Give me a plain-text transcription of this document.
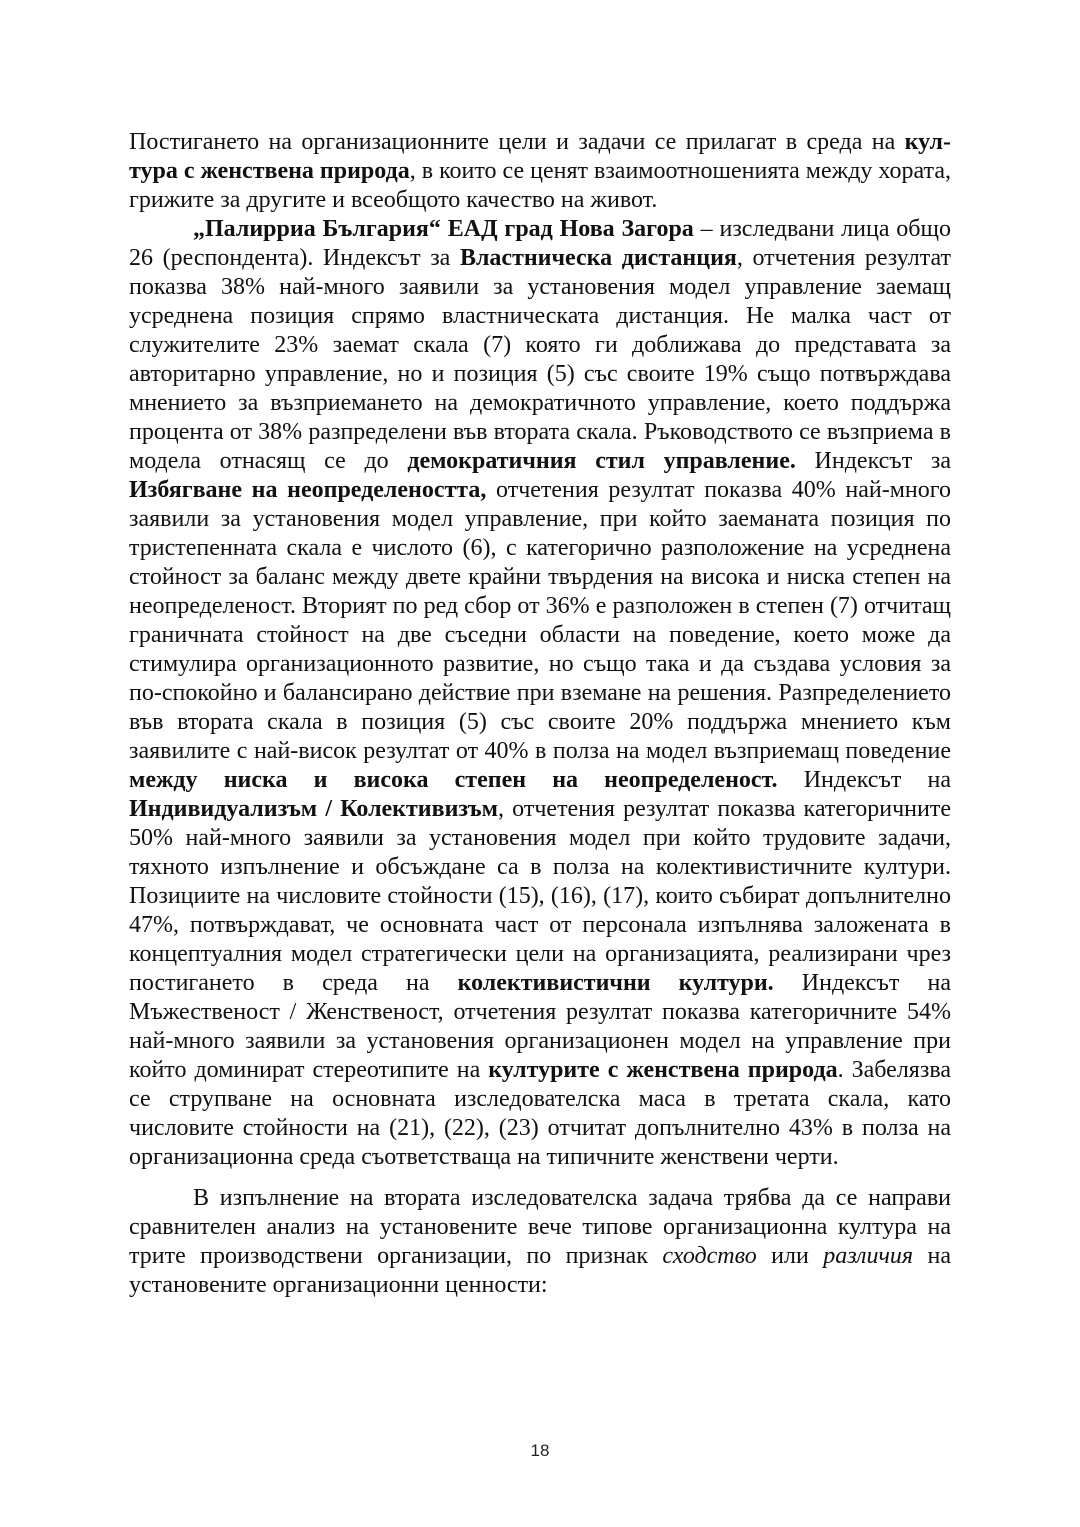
Постигането на организационните цели и задачи се прилагат в среда на култура с женствена природа, в които се ценят взаимоотношенията между хората, грижите за другите и всеобщото качество на живот.

„Палирриа България“ ЕАД град Нова Загора – изследвани лица общо 26 (респондента). Индексът за Властническа дистанция, отчетения резултат показва 38% най-много заявили за установения модел управление заемащ усреднена позиция спрямо властническата дистанция. Не малка част от служителите 23% заемат скала (7) която ги доближава до представата за авторитарно управление, но и позиция (5) със своите 19% също потвърждава мнението за възприемането на демократичното управление, което поддържа процента от 38% разпределени във втората скала. Ръководството се възприема в модела отнасящ се до демократичния стил управление. Индексът за Избягване на неопределеността, отчетения резултат показва 40% най-много заявили за установения модел управление, при който заеманата позиция по тристепенната скала е числото (6), с категорично разположение на усреднена стойност за баланс между двете крайни твърдения на висока и ниска степен на неопределеност. Вторият по ред сбор от 36% е разположен в степен (7) отчитащ граничната стойност на две съседни области на поведение, което може да стимулира организационното развитие, но също така и да създава условия за по-спокойно и балансирано действие при вземане на решения. Разпределението във втората скала в позиция (5) със своите 20% поддържа мнението към заявилите с най-висок резултат от 40% в полза на модел възприемащ поведение между ниска и висока степен на неопределеност. Индексът на Индивидуализъм / Колективизъм, отчетения резултат показва категоричните 50% най-много заявили за установения модел при който трудовите задачи, тяхното изпълнение и обсъждане са в полза на колективистичните култури. Позициите на числовите стойности (15), (16), (17), които събират допълнително 47%, потвърждават, че основната част от персонала изпълнява заложената в концептуалния модел стратегически цели на организацията, реализирани чрез постигането в среда на колективистични култури. Индексът на Мъжественост / Женственост, отчетения резултат показва категоричните 54% най-много заявили за установения организационен модел на управление при който доминират стереотипите на културите с женствена природа. Забелязва се струпване на основната изследователска маса в третата скала, като числовите стойности на (21), (22), (23) отчитат допълнително 43% в полза на организационна среда съответстваща на типичните женствени черти.

В изпълнение на втората изследователска задача трябва да се направи сравнителен анализ на установените вече типове организационна култура на трите производствени организации, по признак сходство или различия на установените организационни ценности:

18
